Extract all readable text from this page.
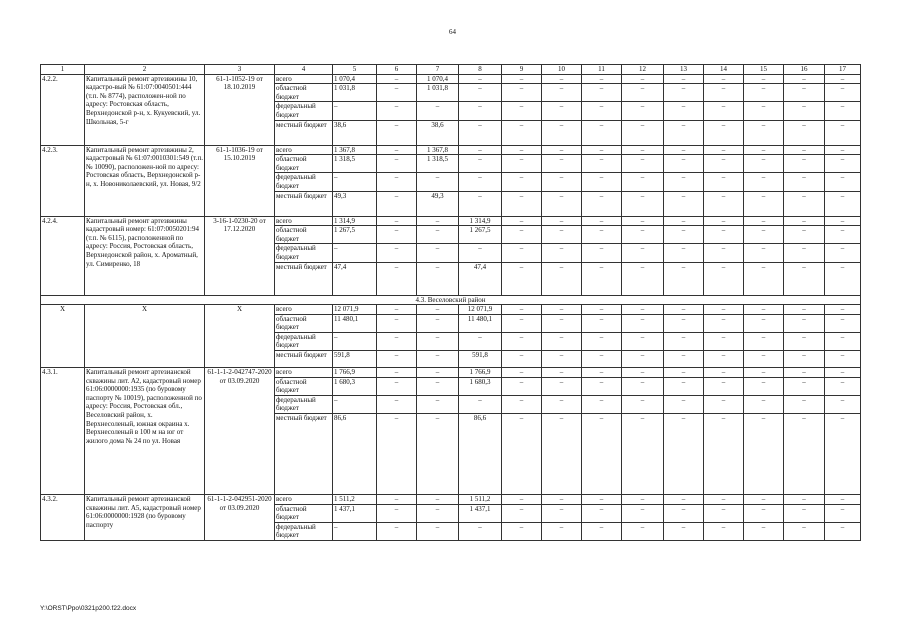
64
1	2	3	4	5	6	7	8	9	10	11	12	13	14	15	16	17
4.2.2.	Капитальный ремонт артезвжины 10, кадастро-вый № 61:07:0040501:444 (т.п. № 8774), расположен-ной по адресу: Ростовская область, Верхнедонской р-н, х. Кукуевский, ул. Школьная, 5-г	61-1-1052-19 от 18.10.2019	всего	1 070,4	–	1 070,4	–	–	–	–	–	–	–	–	–	–
			областной бюджет	1 031,8	–	1 031,8	–	–	–	–	–	–	–	–	–	–
			федеральный бюджет	–	–	–	–	–	–	–	–	–	–	–	–	–
			местный бюджет	38,6	–	38,6	–	–	–	–	–	–	–	–	–	–
4.2.3.	Капитальный ремонт артезвжины 2, кадастровый № 61:07:0010301:549 (т.п. № 10090), расположен-ной по адресу: Ростовская область, Верхнедонской р-н, х. Новониколаевский, ул. Новая, 9/2	61-1-1036-19 от 15.10.2019	всего	1 367,8	–	1 367,8	–	–	–	–	–	–	–	–	–	–
			областной бюджет	1 318,5	–	1 318,5	–	–	–	–	–	–	–	–	–	–
			федеральный бюджет	–	–	–	–	–	–	–	–	–	–	–	–	–
			местный бюджет	49,3	–	49,3	–	–	–	–	–	–	–	–	–	–
4.2.4.	Капитальный ремонт артезвжины кадастровый номер: 61:07:0050201:94 (т.п. № 6115), расположенной по адресу: Россия, Ростовская область, Верхнедонской район, х. Ароматный, ул. Симиренко, 18	3-16-1-0230-20 от 17.12.2020	всего	1 314,9	–	–	1 314,9	–	–	–	–	–	–	–	–	–
			областной бюджет	1 267,5	–	–	1 267,5	–	–	–	–	–	–	–	–	–
			федеральный бюджет	–	–	–	–	–	–	–	–	–	–	–	–	–
			местный бюджет	47,4	–	–	47,4	–	–	–	–	–	–	–	–	–
4.3. Веселовский район																
X	X	X	всего	12 071,9	–	–	12 071,9	–	–	–	–	–	–	–	–	–
			областной бюджет	11 480,1	–	–	11 480,1	–	–	–	–	–	–	–	–	–
			федеральный бюджет	–	–	–	–	–	–	–	–	–	–	–	–	–
			местный бюджет	591,8	–	–	591,8	–	–	–	–	–	–	–	–	–
4.3.1.	Капитальный ремонт артезианской скважины лит. А2, кадастровый номер 61:06:0000000:1935 (по буровому паспорту № 10019), расположенной по адресу: Россия, Ростовская обл., Веселовский район, х. Верхнесоленый, южная окраина х. Верхнесоленый в 100 м на юг от жилого дома № 24 по ул. Новая	61-1-1-2-042747-2020 от 03.09.2020	всего	1 766,9	–	–	1 766,9	–	–	–	–	–	–	–	–	–
			областной бюджет	1 680,3	–	–	1 680,3	–	–	–	–	–	–	–	–	–
			федеральный бюджет	–	–	–	–	–	–	–	–	–	–	–	–	–
			местный бюджет	86,6	–	–	86,6	–	–	–	–	–	–	–	–	–
4.3.2.	Капитальный ремонт артезианской скважины лит. А5, кадастровый номер 61:06:0000000:1928 (по буровому паспорту	61-1-1-2-042951-2020 от 03.09.2020	всего	1 511,2	–	–	1 511,2	–	–	–	–	–	–	–	–	–
			областной бюджет	1 437,1	–	–	1 437,1	–	–	–	–	–	–	–	–	–
			федеральный бюджет	–	–	–	–	–	–	–	–	–	–	–	–	–
Y:\ORST\Ppo\0321p200.f22.docx
